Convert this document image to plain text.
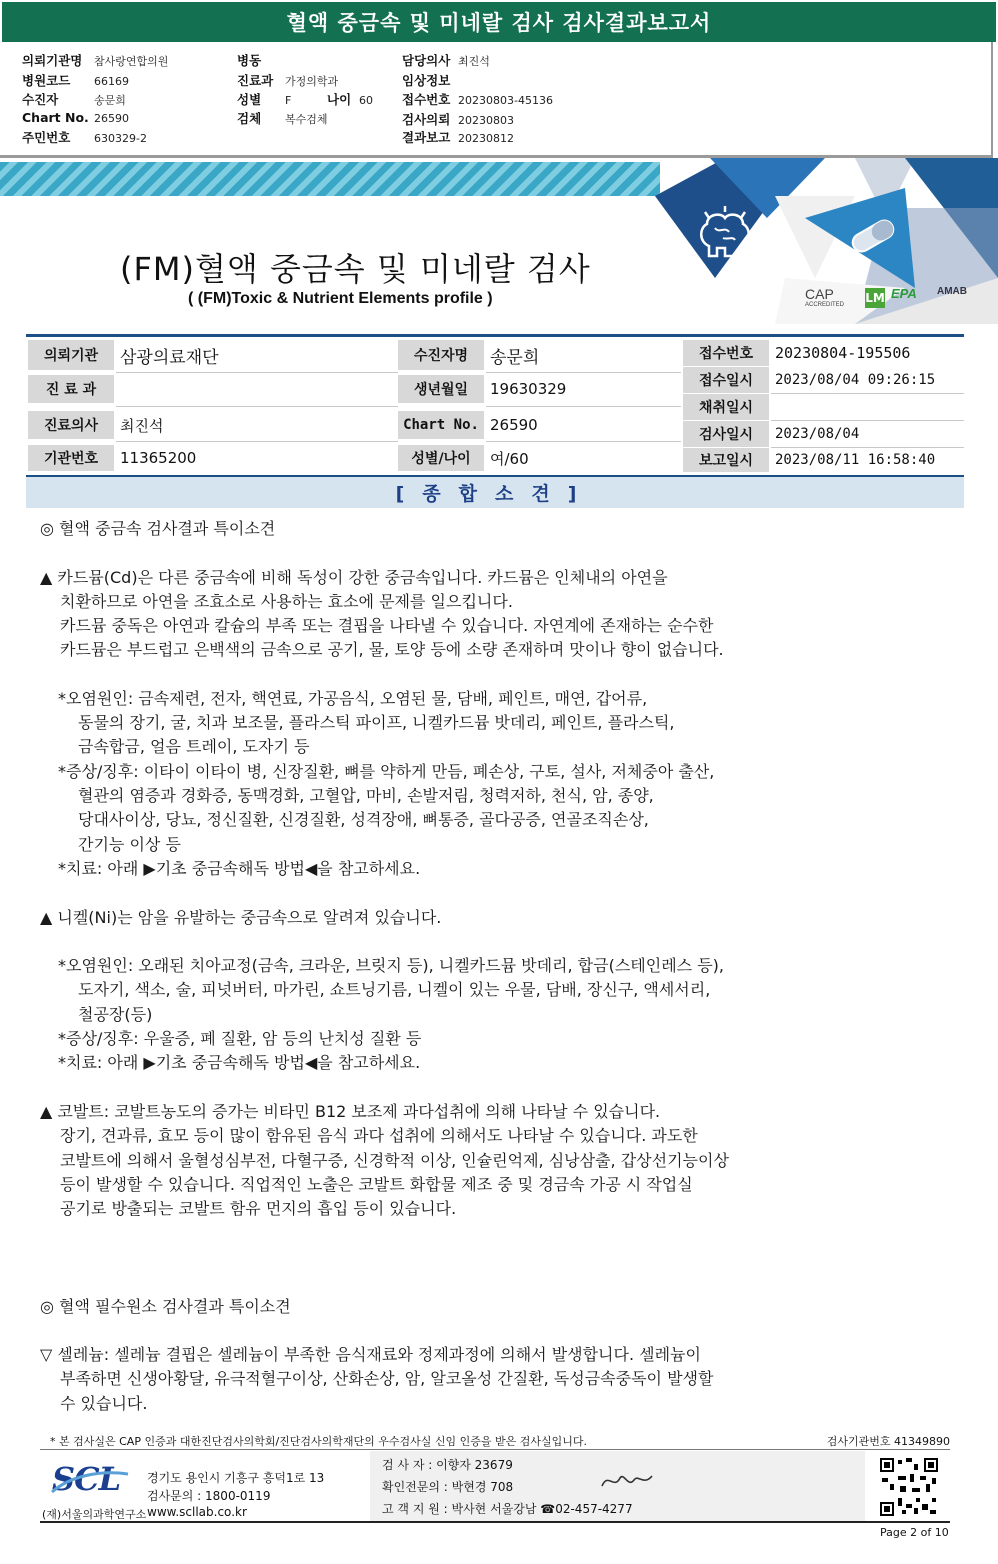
혈액 중금속 및 미네랄 검사 검사결과보고서
의뢰기관명 참사랑연합의원
병원코드 66169
수진자	송문희
Chart No. 26590
주민번호 630329-2
병동
진료과 가정의학과
성별 F	나이 60
검체 복수검체
담당의사 최진석
임상정보
접수번호 20230803-45136
검사의뢰 20230803
결과보고 20230812
CAP
ACCREDITED LM EPA AMAB
(FM)혈액 중금속 및 미네랄 검사
( (FM)Toxic & Nutrient Elements profile )
의뢰기관	삼광의료재단
진 료 과
진료의사	최진석
기관번호	11365200
수진자명	송문희
생년월일	19630329
Chart No. 26590
성별/나이	여/60
접수번호	20230804-195506
접수일시	2023/08/04 09:26:15
채취일시
검사일시	2023/08/04
보고일시	2023/08/11 16:58:40
[종합소견]
◎ 혈액 중금속 검사결과 특이소견
▲ 카드뮴(Cd)은 다른 중금속에 비해 독성이 강한 중금속입니다. 카드뮴은 인체내의 아연을
치환하므로 아연을 조효소로 사용하는 효소에 문제를 일으킵니다.
카드뮴 중독은 아연과 칼슘의 부족 또는 결핍을 나타낼 수 있습니다. 자연계에 존재하는 순수한
카드뮴은 부드럽고 은백색의 금속으로 공기, 물, 토양 등에 소량 존재하며 맛이나 향이 없습니다.
*오염원인: 금속제련, 전자, 핵연료, 가공음식, 오염된 물, 담배, 페인트, 매연, 갑어류,
동물의 장기, 굴, 치과 보조물, 플라스틱 파이프, 니켈카드뮴 밧데리, 페인트, 플라스틱,
금속합금, 얼음 트레이, 도자기 등
*증상/징후: 이타이 이타이 병, 신장질환, 뼈를 약하게 만듬, 폐손상, 구토, 설사, 저체중아 출산,
혈관의 염증과 경화증, 동맥경화, 고혈압, 마비, 손발저림, 청력저하, 천식, 암, 종양,
당대사이상, 당뇨, 정신질환, 신경질환, 성격장애, 뼈통증, 골다공증, 연골조직손상,
간기능 이상 등
*치료: 아래 ▶기초 중금속해독 방법◀을 참고하세요.
▲ 니켈(Ni)는 암을 유발하는 중금속으로 알려져 있습니다.
*오염원인: 오래된 치아교정(금속, 크라운, 브릿지 등), 니켈카드뮴 밧데리, 합금(스테인레스 등),
도자기, 색소, 술, 피넛버터, 마가린, 쇼트닝기름, 니켈이 있는 우물, 담배, 장신구, 액세서리,
철공장(등)
*증상/징후: 우울증, 폐 질환, 암 등의 난치성 질환 등
*치료: 아래 ▶기초 중금속해독 방법◀을 참고하세요.
▲ 코발트: 코발트농도의 증가는 비타민 B12 보조제 과다섭취에 의해 나타날 수 있습니다.
장기, 견과류, 효모 등이 많이 함유된 음식 과다 섭취에 의해서도 나타날 수 있습니다. 과도한
코발트에 의해서 울혈성심부전, 다혈구증, 신경학적 이상, 인슐린억제, 심낭삼출, 갑상선기능이상
등이 발생할 수 있습니다. 직업적인 노출은 코발트 화합물 제조 중 및 경금속 가공 시 작업실
공기로 방출되는 코발트 함유 먼지의 흡입 등이 있습니다.
◎ 혈액 필수원소 검사결과 특이소견
▽ 셀레늄: 셀레늄 결핍은 셀레늄이 부족한 음식재료와 정제과정에 의해서 발생합니다. 셀레늄이
부족하면 신생아황달, 유극적혈구이상, 산화손상, 암, 알코올성 간질환, 독성금속중독이 발생할
수 있습니다.
* 본 검사실은 CAP 인증과 대한진단검사의학회/진단검사의학재단의 우수검사실 신임 인증을 받은 검사실입니다.	검사기관번호 41349890
SCL
(재)서울의과학연구소
경기도 용인시 기흥구 흥덕1로 13
검사문의 : 1800-0119
www.scllab.co.kr
검 사 자 : 이향자 23679
확인전문의 : 박현경 708
고 객 지 원 : 박사현 서울강남 ☎02-457-4277
Page 2 of 10
